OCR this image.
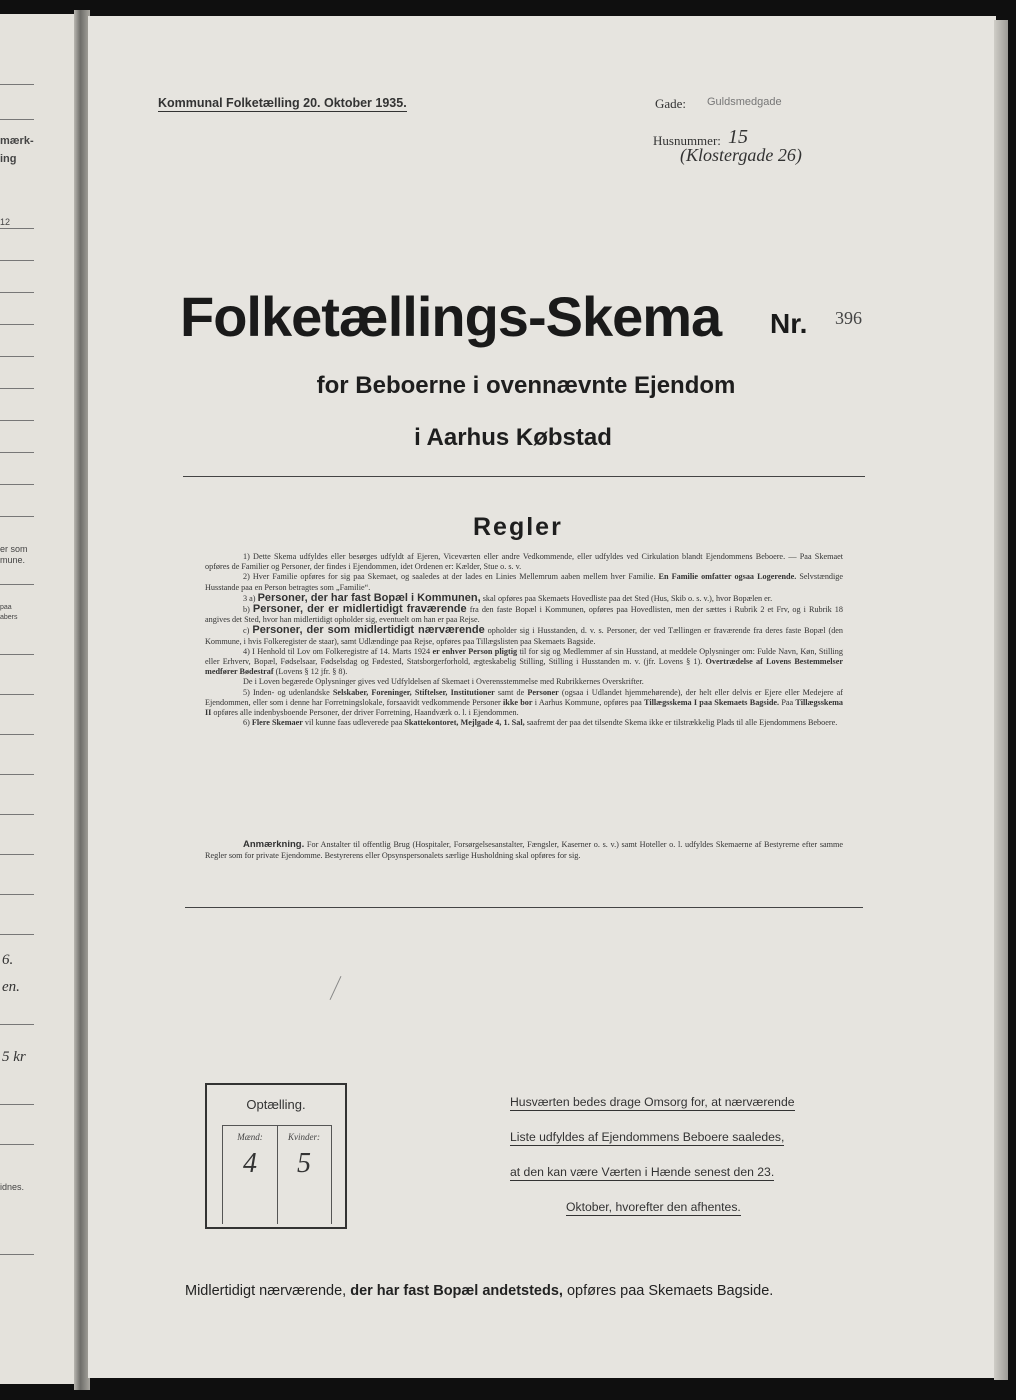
mærk-
ing
12
er som
mune.
paa
abers
6.
en.
5 kr
idnes.
Kommunal Folketælling 20. Oktober 1935.	Gade: Guldsmedgade
Husnummer: 15
(Klostergade 26)
Folketællings-Skema Nr. 396
for Beboerne i ovennævnte Ejendom
i Aarhus Købstad
Regler

1) Dette Skema udfyldes eller besørges udfyldt af Ejeren, Viceværten eller andre Vedkommende, eller udfyldes ved Cirkulation blandt Ejendommens Beboere. — Paa Skemaet opføres de Familier og Personer, der findes i Ejendommen, idet Ordenen er: Kælder, Stue o. s. v.

2) Hver Familie opføres for sig paa Skemaet, og saaledes at der lades en Linies Mellemrum aaben mellem hver Familie. En Familie omfatter ogsaa Logerende. Selvstændige Husstande paa en Person betragtes som „Familie“.

3 a) Personer, der har fast Bopæl i Kommunen, skal opføres paa Skemaets Hovedliste paa det Sted (Hus, Skib o. s. v.), hvor Bopælen er.

b) Personer, der er midlertidigt fraværende fra den faste Bopæl i Kommunen, opføres paa Hovedlisten, men der sættes i Rubrik 2 et Frv, og i Rubrik 18 angives det Sted, hvor han midlertidigt opholder sig, eventuelt om han er paa Rejse.

c) Personer, der som midlertidigt nærværende opholder sig i Husstanden, d. v. s. Personer, der ved Tællingen er fraværende fra deres faste Bopæl (den Kommune, i hvis Folkeregister de staar), samt Udlændinge paa Rejse, opføres paa Tillægslisten paa Skemaets Bagside.

4) I Henhold til Lov om Folkeregistre af 14. Marts 1924 er enhver Person pligtig til for sig og Medlemmer af sin Husstand, at meddele Oplysninger om: Fulde Navn, Køn, Stilling eller Erhverv, Bopæl, Fødselsaar, Fødselsdag og Fødested, Statsborgerforhold, ægteskabelig Stilling, Stilling i Husstanden m. v. (jfr. Lovens § 1). Overtrædelse af Lovens Bestemmelser medfører Bødestraf (Lovens § 12 jfr. § 8).

De i Loven begærede Oplysninger gives ved Udfyldelsen af Skemaet i Overensstemmelse med Rubrikkernes Overskrifter.

5) Inden- og udenlandske Selskaber, Foreninger, Stiftelser, Institutioner samt de Personer (ogsaa i Udlandet hjemmehørende), der helt eller delvis er Ejere eller Medejere af Ejendommen, eller som i denne har Forretningslokale, forsaavidt vedkommende Personer ikke bor i Aarhus Kommune, opføres paa Tillægsskema I paa Skemaets Bagside. Paa Tillægsskema II opføres alle indenbysboende Personer, der driver Forretning, Haandværk o. l. i Ejendommen.

6) Flere Skemaer vil kunne faas udleverede paa Skattekontoret, Mejlgade 4, 1. Sal, saafremt der paa det tilsendte Skema ikke er tilstrækkelig Plads til alle Ejendommens Beboere.

Anmærkning. For Anstalter til offentlig Brug (Hospitaler, Forsørgelsesanstalter, Fængsler, Kaserner o. s. v.) samt Hoteller o. l. udfyldes Skemaerne af Bestyrerne efter samme Regler som for private Ejendomme. Bestyrerens eller Opsynspersonalets særlige Husholdning skal opføres for sig.
Optælling.
Mænd:	Kvinder:
4	5
Husværten bedes drage Omsorg for, at nærværende
Liste udfyldes af Ejendommens Beboere saaledes,
at den kan være Værten i Hænde senest den 23.
Oktober, hvorefter den afhentes.
Midlertidigt nærværende, der har fast Bopæl andetsteds, opføres paa Skemaets Bagside.
